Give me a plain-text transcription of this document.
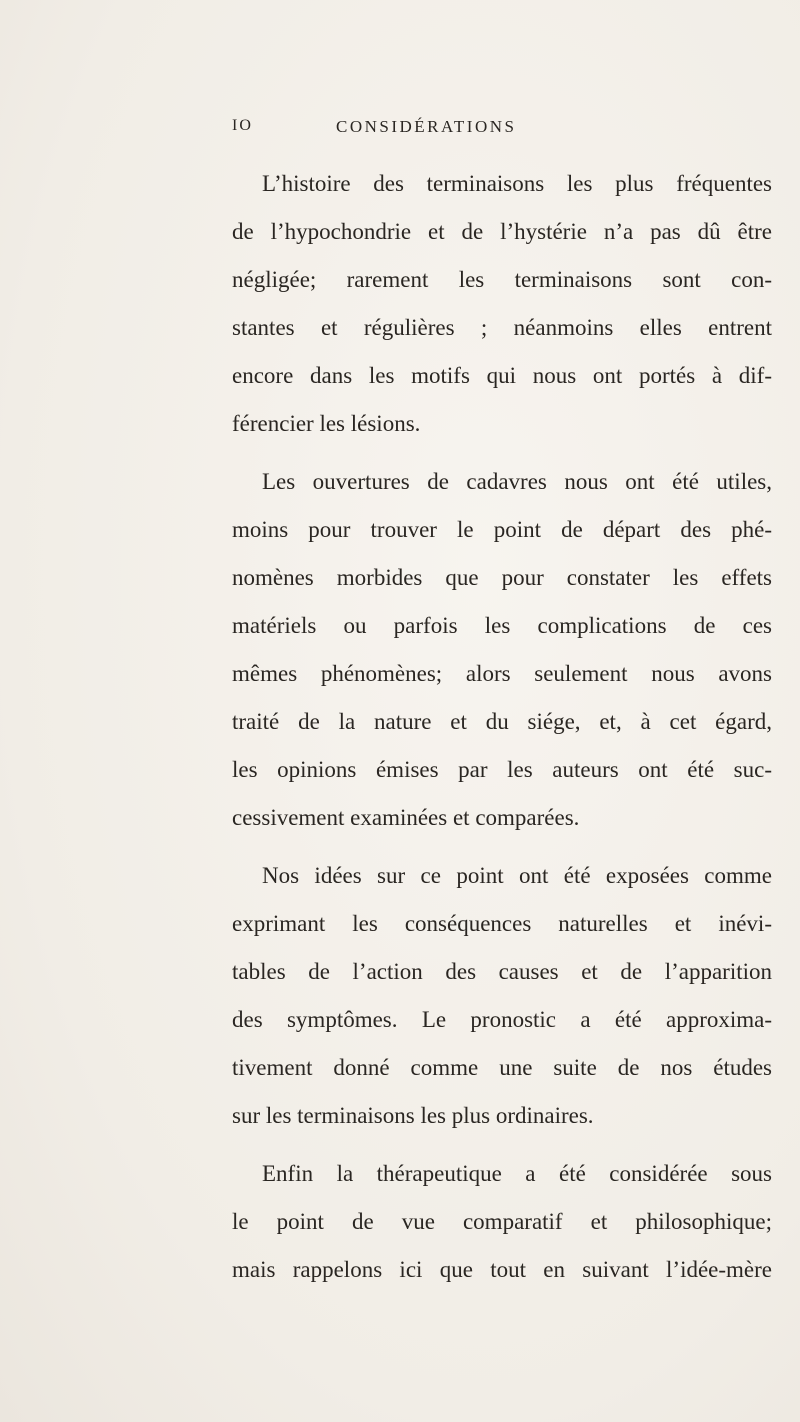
IO	CONSIDÉRATIONS
L’histoire des terminaisons les plus fréquentes
de l’hypochondrie et de l’hystérie n’a pas dû être
négligée; rarement les terminaisons sont con-
stantes et régulières ; néanmoins elles entrent
encore dans les motifs qui nous ont portés à dif-
férencier les lésions.
Les ouvertures de cadavres nous ont été utiles,
moins pour trouver le point de départ des phé-
nomènes morbides que pour constater les effets
matériels ou parfois les complications de ces
mêmes phénomènes; alors seulement nous avons
traité de la nature et du siége, et, à cet égard,
les opinions émises par les auteurs ont été suc-
cessivement examinées et comparées.
Nos idées sur ce point ont été exposées comme
exprimant les conséquences naturelles et inévi-
tables de l’action des causes et de l’apparition
des symptômes. Le pronostic a été approxima-
tivement donné comme une suite de nos études
sur les terminaisons les plus ordinaires.
Enfin la thérapeutique a été considérée sous
le point de vue comparatif et philosophique;
mais rappelons ici que tout en suivant l’idée-mère
